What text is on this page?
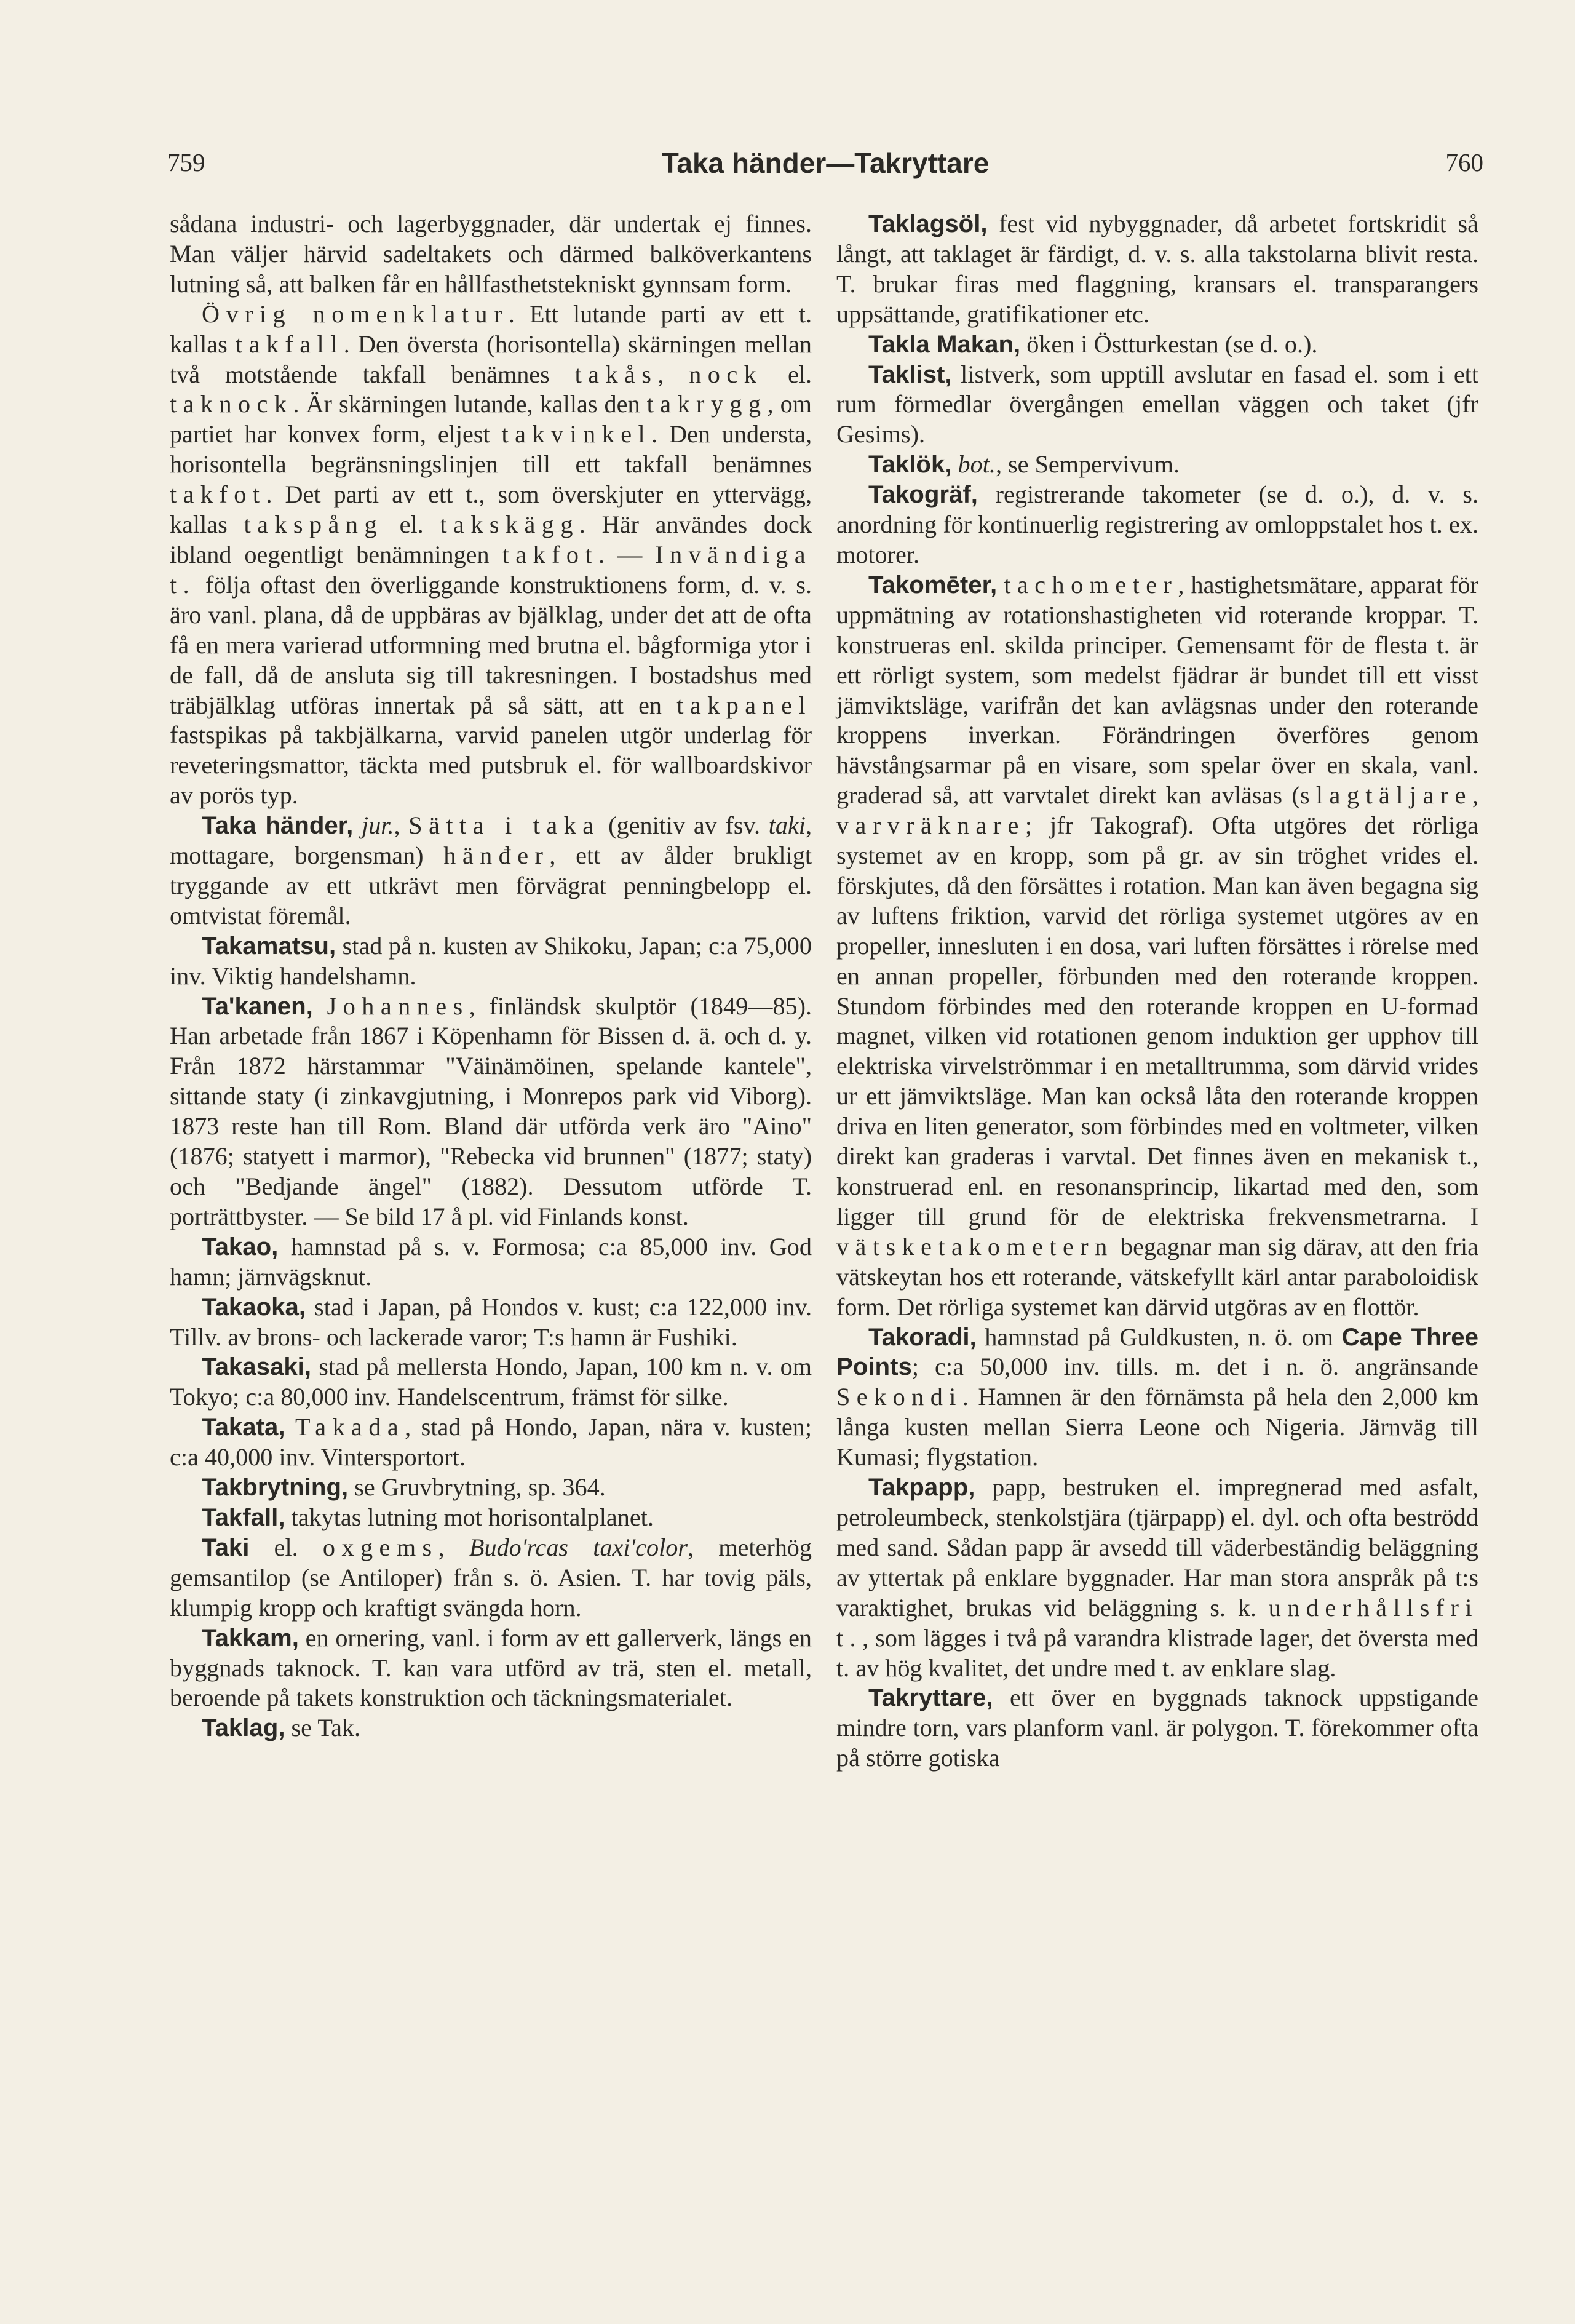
759	Taka händer—Takryttare	760

sådana industri- och lagerbyggnader, där undertak ej finnes. Man väljer härvid sadeltakets och därmed balköverkantens lutning så, att balken får en hållfasthetstekniskt gynnsam form.

Övrig nomenklatur. Ett lutande parti av ett t. kallas takfall. Den översta (horisontella) skärningen mellan två motstående takfall benämnes takås, nock el. taknock. Är skärningen lutande, kallas den takrygg, om partiet har konvex form, eljest takvinkel. Den understa, horisontella begränsningslinjen till ett takfall benämnes takfot. Det parti av ett t., som överskjuter en yttervägg, kallas takspång el. takskägg. Här användes dock ibland oegentligt benämningen takfot. — Invändiga t. följa oftast den överliggande konstruktionens form, d. v. s. äro vanl. plana, då de uppbäras av bjälklag, under det att de ofta få en mera varierad utformning med brutna el. bågformiga ytor i de fall, då de ansluta sig till takresningen. I bostadshus med träbjälklag utföras innertak på så sätt, att en takpanel fastspikas på takbjälkarna, varvid panelen utgör underlag för reveteringsmattor, täckta med putsbruk el. för wallboardskivor av porös typ.

Taka händer, jur., Sätta i taka (genitiv av fsv. taki, mottagare, borgensman) hänđer, ett av ålder brukligt tryggande av ett utkrävt men förvägrat penningbelopp el. omtvistat föremål.

Takamatsu, stad på n. kusten av Shikoku, Japan; c:a 75,000 inv. Viktig handelshamn.

Ta'kanen, Johannes, finländsk skulptör (1849—85). Han arbetade från 1867 i Köpenhamn för Bissen d. ä. och d. y. Från 1872 härstammar "Väinämöinen, spelande kantele", sittande staty (i zinkavgjutning, i Monrepos park vid Viborg). 1873 reste han till Rom. Bland där utförda verk äro "Aino" (1876; statyett i marmor), "Rebecka vid brunnen" (1877; staty) och "Bedjande ängel" (1882). Dessutom utförde T. porträttbyster. — Se bild 17 å pl. vid Finlands konst.

Takao, hamnstad på s. v. Formosa; c:a 85,000 inv. God hamn; järnvägsknut.

Takaoka, stad i Japan, på Hondos v. kust; c:a 122,000 inv. Tillv. av brons- och lackerade varor; T:s hamn är Fushiki.

Takasaki, stad på mellersta Hondo, Japan, 100 km n. v. om Tokyo; c:a 80,000 inv. Handelscentrum, främst för silke.

Takata, Takada, stad på Hondo, Japan, nära v. kusten; c:a 40,000 inv. Vintersportort.

Takbrytning, se Gruvbrytning, sp. 364.

Takfall, takytas lutning mot horisontalplanet.

Taki el. oxgems, Budo'rcas taxi'color, meterhög gemsantilop (se Antiloper) från s. ö. Asien. T. har tovig päls, klumpig kropp och kraftigt svängda horn.

Takkam, en ornering, vanl. i form av ett gallerverk, längs en byggnads taknock. T. kan vara utförd av trä, sten el. metall, beroende på takets konstruktion och täckningsmaterialet.

Taklag, se Tak.

Taklagsöl, fest vid nybyggnader, då arbetet fortskridit så långt, att taklaget är färdigt, d. v. s. alla takstolarna blivit resta. T. brukar firas med flaggning, kransars el. transparangers uppsättande, gratifikationer etc.

Takla Makan, öken i Östturkestan (se d. o.).

Taklist, listverk, som upptill avslutar en fasad el. som i ett rum förmedlar övergången emellan väggen och taket (jfr Gesims).

Taklök, bot., se Sempervivum.

Takogräf, registrerande takometer (se d. o.), d. v. s. anordning för kontinuerlig registrering av omloppstalet hos t. ex. motorer.

Takomēter, tachometer, hastighetsmätare, apparat för uppmätning av rotationshastigheten vid roterande kroppar. T. konstrueras enl. skilda principer. Gemensamt för de flesta t. är ett rörligt system, som medelst fjädrar är bundet till ett visst jämviktsläge, varifrån det kan avlägsnas under den roterande kroppens inverkan. Förändringen överföres genom hävstångsarmar på en visare, som spelar över en skala, vanl. graderad så, att varvtalet direkt kan avläsas (slagtäljare, varvräknare; jfr Takograf). Ofta utgöres det rörliga systemet av en kropp, som på gr. av sin tröghet vrides el. förskjutes, då den försättes i rotation. Man kan även begagna sig av luftens friktion, varvid det rörliga systemet utgöres av en propeller, innesluten i en dosa, vari luften försättes i rörelse med en annan propeller, förbunden med den roterande kroppen. Stundom förbindes med den roterande kroppen en U-formad magnet, vilken vid rotationen genom induktion ger upphov till elektriska virvelströmmar i en metalltrumma, som därvid vrides ur ett jämviktsläge. Man kan också låta den roterande kroppen driva en liten generator, som förbindes med en voltmeter, vilken direkt kan graderas i varvtal. Det finnes även en mekanisk t., konstruerad enl. en resonansprincip, likartad med den, som ligger till grund för de elektriska frekvensmetrarna. I vätsketakometern begagnar man sig därav, att den fria vätskeytan hos ett roterande, vätskefyllt kärl antar paraboloidisk form. Det rörliga systemet kan därvid utgöras av en flottör.

Takoradi, hamnstad på Guldkusten, n. ö. om Cape Three Points; c:a 50,000 inv. tills. m. det i n. ö. angränsande Sekondi. Hamnen är den förnämsta på hela den 2,000 km långa kusten mellan Sierra Leone och Nigeria. Järnväg till Kumasi; flygstation.

Takpapp, papp, bestruken el. impregnerad med asfalt, petroleumbeck, stenkolstjära (tjärpapp) el. dyl. och ofta beströdd med sand. Sådan papp är avsedd till väderbeständig beläggning av yttertak på enklare byggnader. Har man stora anspråk på t:s varaktighet, brukas vid beläggning s. k. underhållsfri t., som lägges i två på varandra klistrade lager, det översta med t. av hög kvalitet, det undre med t. av enklare slag.

Takryttare, ett över en byggnads taknock uppstigande mindre torn, vars planform vanl. är polygon. T. förekommer ofta på större gotiska
